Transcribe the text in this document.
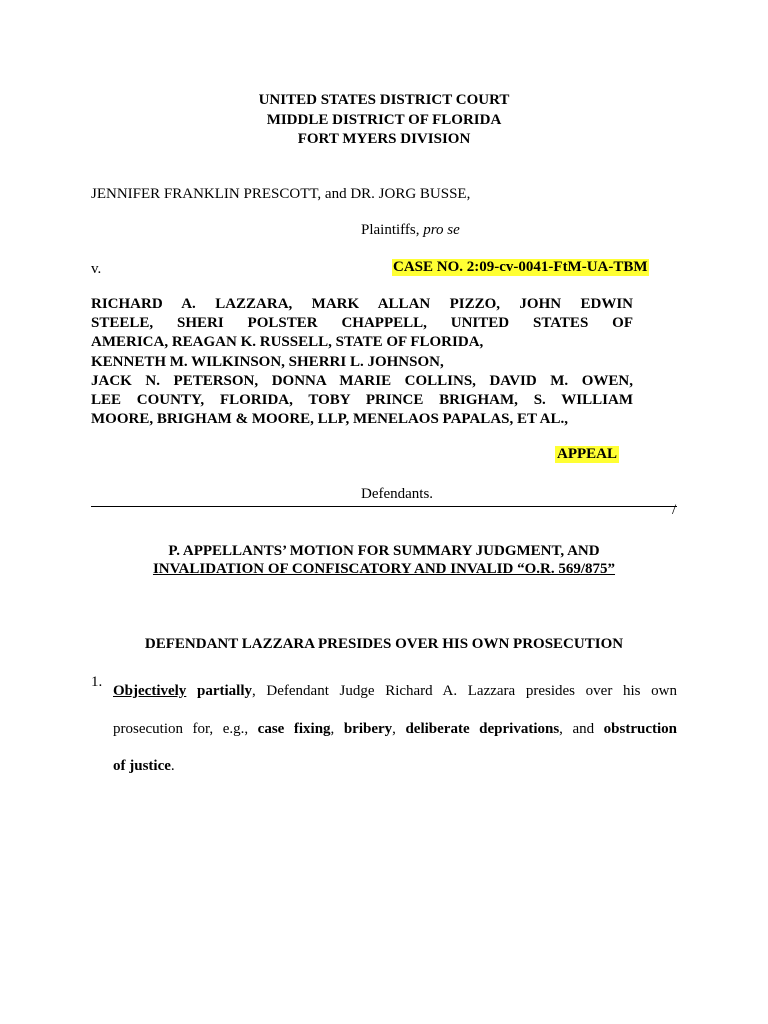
UNITED STATES DISTRICT COURT
MIDDLE DISTRICT OF FLORIDA
FORT MYERS DIVISION
JENNIFER FRANKLIN PRESCOTT, and DR. JORG BUSSE,
Plaintiffs, pro se
v.	CASE NO. 2:09-cv-0041-FtM-UA-TBM
RICHARD A. LAZZARA, MARK ALLAN PIZZO, JOHN EDWIN
STEELE, SHERI POLSTER CHAPPELL, UNITED STATES OF
AMERICA, REAGAN K. RUSSELL, STATE OF FLORIDA,
KENNETH M. WILKINSON, SHERRI L. JOHNSON,
JACK N. PETERSON, DONNA MARIE COLLINS, DAVID M. OWEN,
LEE COUNTY, FLORIDA, TOBY PRINCE BRIGHAM, S. WILLIAM
MOORE, BRIGHAM & MOORE, LLP, MENELAOS PAPALAS, ET AL.,
APPEAL
Defendants.
/
P. APPELLANTS’ MOTION FOR SUMMARY JUDGMENT, AND
INVALIDATION OF CONFISCATORY AND INVALID “O.R. 569/875”
DEFENDANT LAZZARA PRESIDES OVER HIS OWN PROSECUTION
1.
Objectively partially, Defendant Judge Richard A. Lazzara presides over his own
prosecution for, e.g., case fixing, bribery, deliberate deprivations, and obstruction
of justice.
